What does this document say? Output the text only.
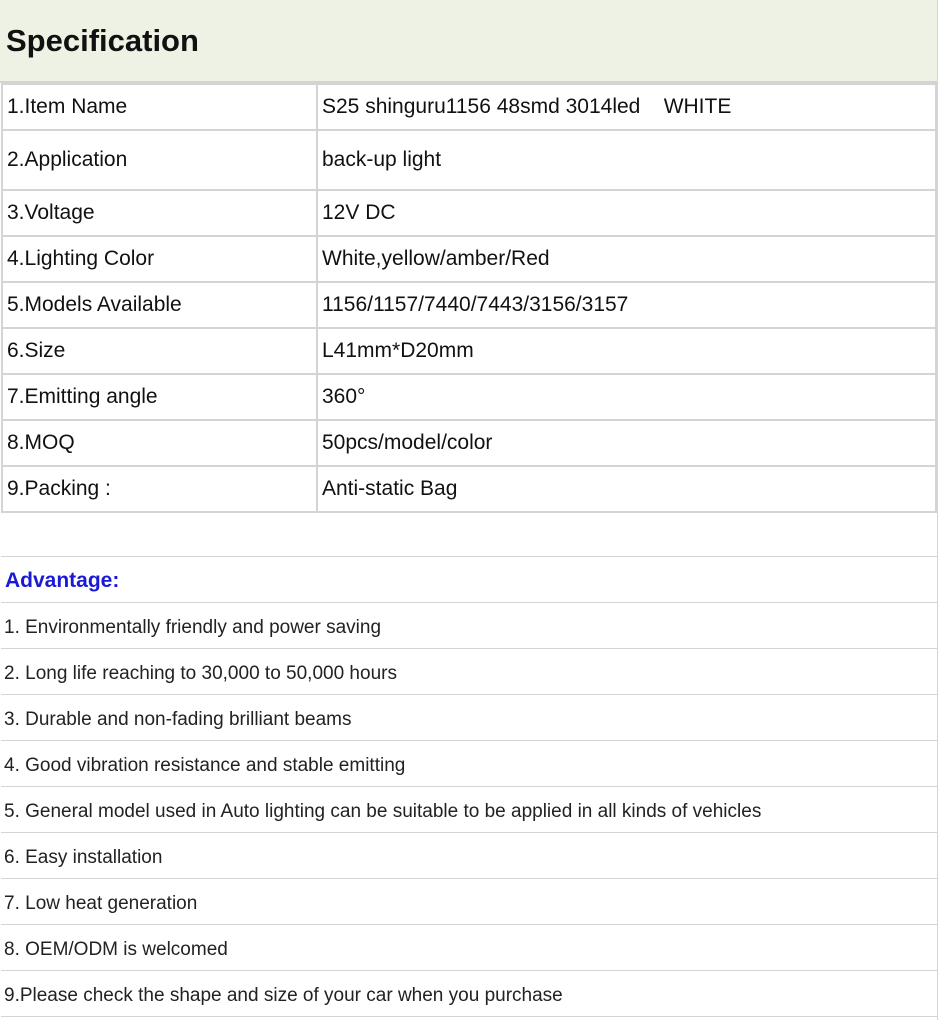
Specification
1.Item Name	S25 shinguru1156 48smd 3014led    WHITE
2.Application	back-up light
3.Voltage	12V DC
4.Lighting Color	White,yellow/amber/Red
5.Models Available	1156/1157/7440/7443/3156/3157
6.Size	L41mm*D20mm
7.Emitting angle	360°
8.MOQ	50pcs/model/color
9.Packing :	Anti-static Bag
Advantage:
1. Environmentally friendly and power saving
2. Long life reaching to 30,000 to 50,000 hours
3. Durable and non-fading brilliant beams
4. Good vibration resistance and stable emitting
5. General model used in Auto lighting can be suitable to be applied in all kinds of vehicles
6. Easy installation
7. Low heat generation
8. OEM/ODM is welcomed
9.Please check the shape and size of your car when you purchase
